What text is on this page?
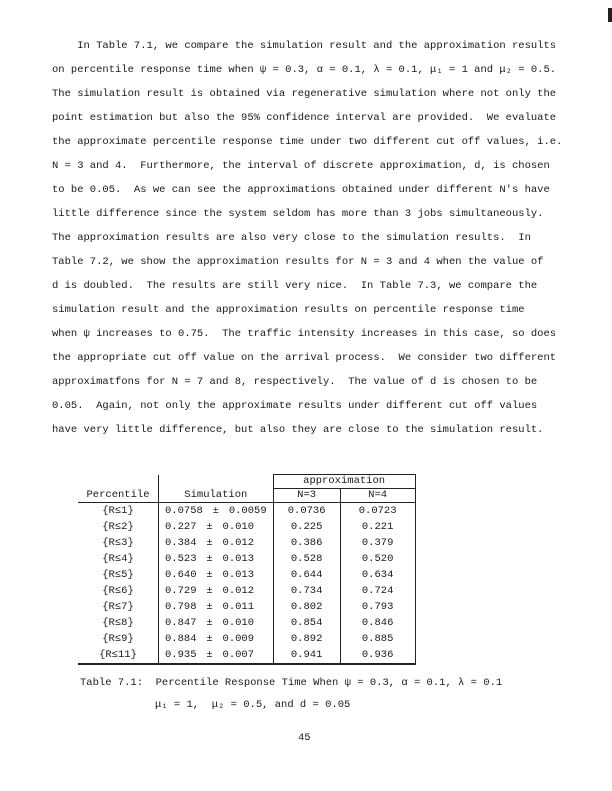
In Table 7.1, we compare the simulation result and the approximation results
on percentile response time when ψ = 0.3, α = 0.1, λ = 0.1, μ₁ = 1 and μ₂ = 0.5.
The simulation result is obtained via regenerative simulation where not only the
point estimation but also the 95% confidence interval are provided.  We evaluate
the approximate percentile response time under two different cut off values, i.e.
N = 3 and 4.  Furthermore, the interval of discrete approximation, d, is chosen
to be 0.05.  As we can see the approximations obtained under different N's have
little difference since the system seldom has more than 3 jobs simultaneously.
The approximation results are also very close to the simulation results.  In
Table 7.2, we show the approximation results for N = 3 and 4 when the value of
d is doubled.  The results are still very nice.  In Table 7.3, we compare the
simulation result and the approximation results on percentile response time
when ψ increases to 0.75.  The traffic intensity increases in this case, so does
the appropriate cut off value on the arrival process.  We consider two different
approximatfons for N = 7 and 8, respectively.  The value of d is chosen to be
0.05.  Again, not only the approximate results under different cut off values
have very little difference, but also they are close to the simulation result.
		approximation	
Percentile	Simulation	N=3	N=4
{R≤1}	0.0758 ± 0.0059	0.0736	0.0723
{R≤2}	0.227 ± 0.010	0.225	0.221
{R≤3}	0.384 ± 0.012	0.386	0.379
{R≤4}	0.523 ± 0.013	0.528	0.520
{R≤5}	0.640 ± 0.013	0.644	0.634
{R≤6}	0.729 ± 0.012	0.734	0.724
{R≤7}	0.798 ± 0.011	0.802	0.793
{R≤8}	0.847 ± 0.010	0.854	0.846
{R≤9}	0.884 ± 0.009	0.892	0.885
{R≤11}	0.935 ± 0.007	0.941	0.936
Table 7.1:  Percentile Response Time When ψ = 0.3, α = 0.1, λ = 0.1
μ₁ = 1,  μ₂ = 0.5, and d = 0.05
45
